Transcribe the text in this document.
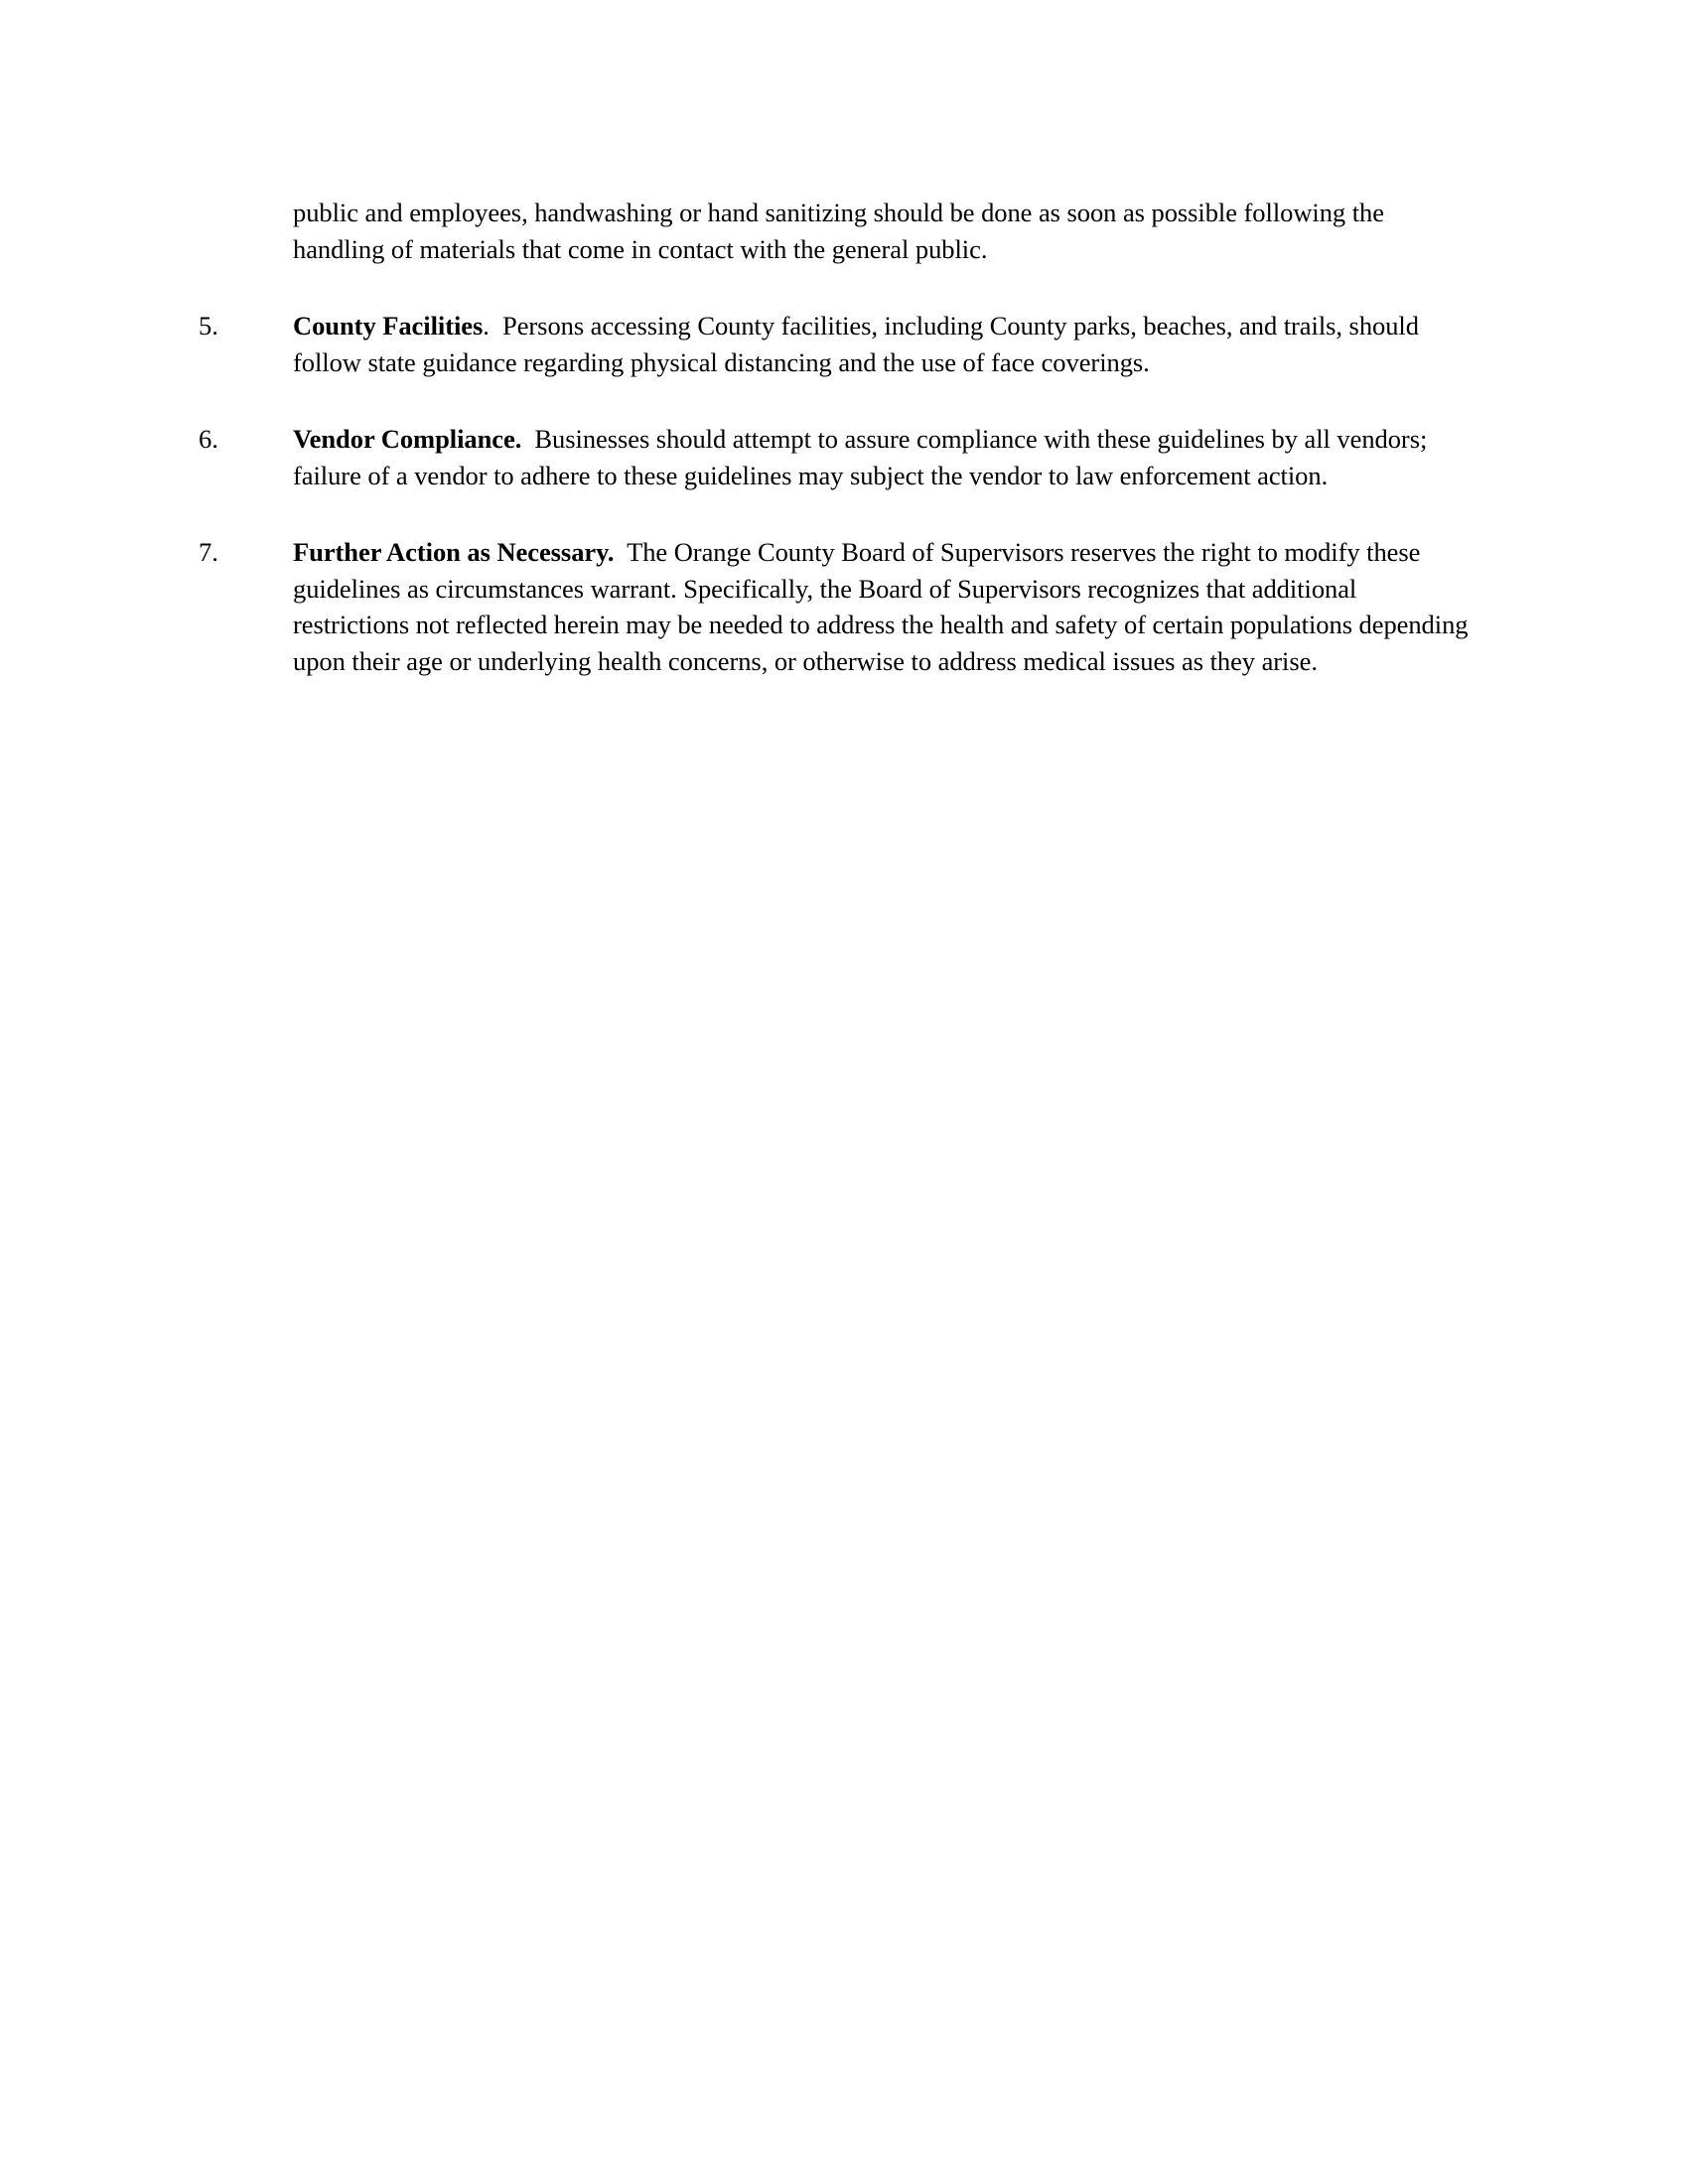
public and employees, handwashing or hand sanitizing should be done as soon as possible following the handling of materials that come in contact with the general public.

5.	County Facilities. Persons accessing County facilities, including County parks, beaches, and trails, should follow state guidance regarding physical distancing and the use of face coverings.
6.	Vendor Compliance. Businesses should attempt to assure compliance with these guidelines by all vendors; failure of a vendor to adhere to these guidelines may subject the vendor to law enforcement action.
7.	Further Action as Necessary. The Orange County Board of Supervisors reserves the right to modify these guidelines as circumstances warrant. Specifically, the Board of Supervisors recognizes that additional restrictions not reflected herein may be needed to address the health and safety of certain populations depending upon their age or underlying health concerns, or otherwise to address medical issues as they arise.
